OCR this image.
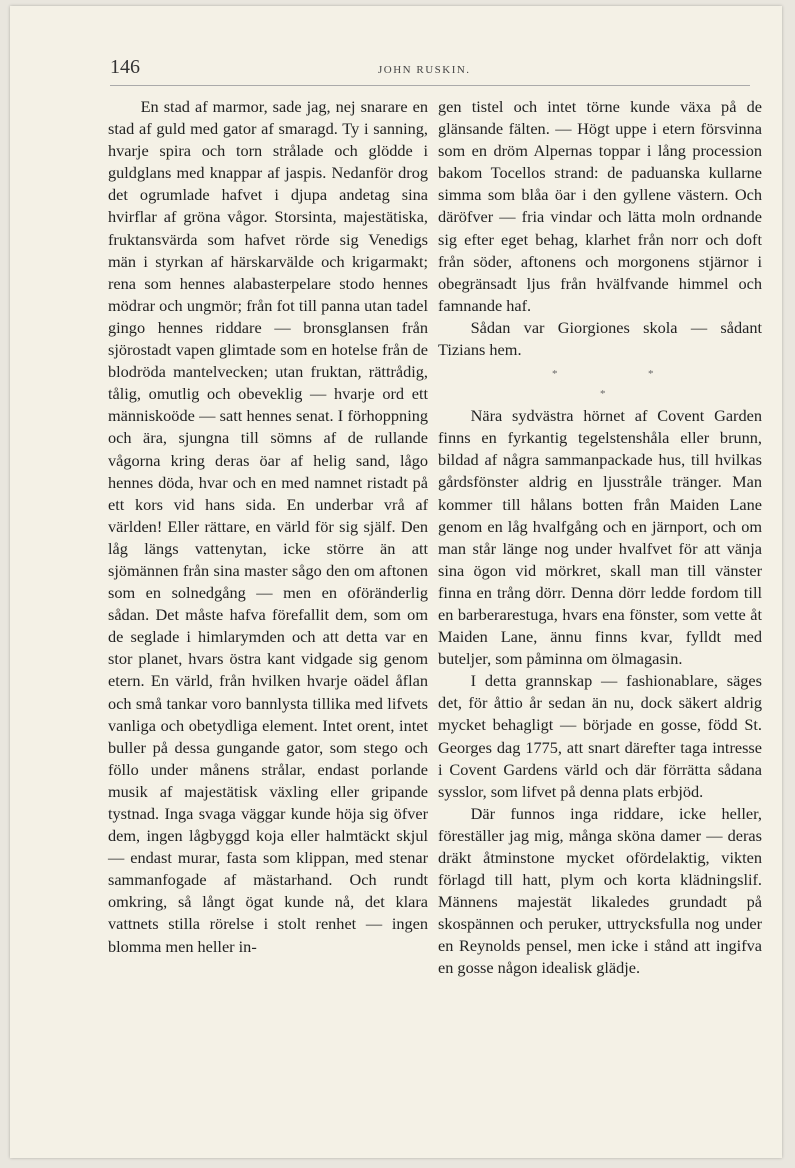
146	JOHN RUSKIN.

En stad af marmor, sade jag, nej snarare en stad af guld med gator af smaragd. Ty i sanning, hvarje spira och torn strålade och glödde i guldglans med knappar af jaspis. Nedanför drog det ogrumlade hafvet i djupa andetag sina hvirflar af gröna vågor. Storsinta, majestätiska, fruktansvärda som hafvet rörde sig Venedigs män i styrkan af härskarvälde och krigarmakt; rena som hennes alabasterpelare stodo hennes mödrar och ungmör; från fot till panna utan tadel gingo hennes riddare — bronsglansen från sjörostadt vapen glimtade som en hotelse från de blodröda mantelvecken; utan fruktan, rättrådig, tålig, omutlig och obeveklig — hvarje ord ett människoöde — satt hennes senat. I förhoppning och ära, sjungna till sömns af de rullande vågorna kring deras öar af helig sand, lågo hennes döda, hvar och en med namnet ristadt på ett kors vid hans sida. En underbar vrå af världen! Eller rättare, en värld för sig själf. Den låg längs vattenytan, icke större än att sjömännen från sina master sågo den om aftonen som en solnedgång — men en oföränderlig sådan. Det måste hafva förefallit dem, som om de seglade i himlarymden och att detta var en stor planet, hvars östra kant vidgade sig genom etern. En värld, från hvilken hvarje oädel åflan och små tankar voro bannlysta tillika med lifvets vanliga och obetydliga element. Intet orent, intet buller på dessa gungande gator, som stego och föllo under månens strålar, endast porlande musik af majestätisk växling eller gripande tystnad. Inga svaga väggar kunde höja sig öfver dem, ingen lågbyggd koja eller halmtäckt skjul — endast murar, fasta som klippan, med stenar sammanfogade af mästarhand. Och rundt omkring, så långt ögat kunde nå, det klara vattnets stilla rörelse i stolt renhet — ingen blomma men heller in-

gen tistel och intet törne kunde växa på de glänsande fälten. — Högt uppe i etern försvinna som en dröm Alpernas toppar i lång procession bakom Tocellos strand: de paduanska kullarne simma som blåa öar i den gyllene västern. Och däröfver — fria vindar och lätta moln ordnande sig efter eget behag, klarhet från norr och doft från söder, aftonens och morgonens stjärnor i obegränsadt ljus från hvälfvande himmel och famnande haf.

Sådan var Giorgiones skola — sådant Tizians hem.

*	*
*

Nära sydvästra hörnet af Covent Garden finns en fyrkantig tegelstenshåla eller brunn, bildad af några sammanpackade hus, till hvilkas gårdsfönster aldrig en ljusstråle tränger. Man kommer till hålans botten från Maiden Lane genom en låg hvalfgång och en järnport, och om man står länge nog under hvalfvet för att vänja sina ögon vid mörkret, skall man till vänster finna en trång dörr. Denna dörr ledde fordom till en barberarestuga, hvars ena fönster, som vette åt Maiden Lane, ännu finns kvar, fylldt med buteljer, som påminna om ölmagasin.

I detta grannskap — fashionablare, säges det, för åttio år sedan än nu, dock säkert aldrig mycket behagligt — började en gosse, född St. Georges dag 1775, att snart därefter taga intresse i Covent Gardens värld och där förrätta sådana sysslor, som lifvet på denna plats erbjöd.

Där funnos inga riddare, icke heller, föreställer jag mig, många sköna damer — deras dräkt åtminstone mycket ofördelaktig, vikten förlagd till hatt, plym och korta klädningslif. Männens majestät likaledes grundadt på skospännen och peruker, uttrycksfulla nog under en Reynolds pensel, men icke i stånd att ingifva en gosse någon idealisk glädje.
